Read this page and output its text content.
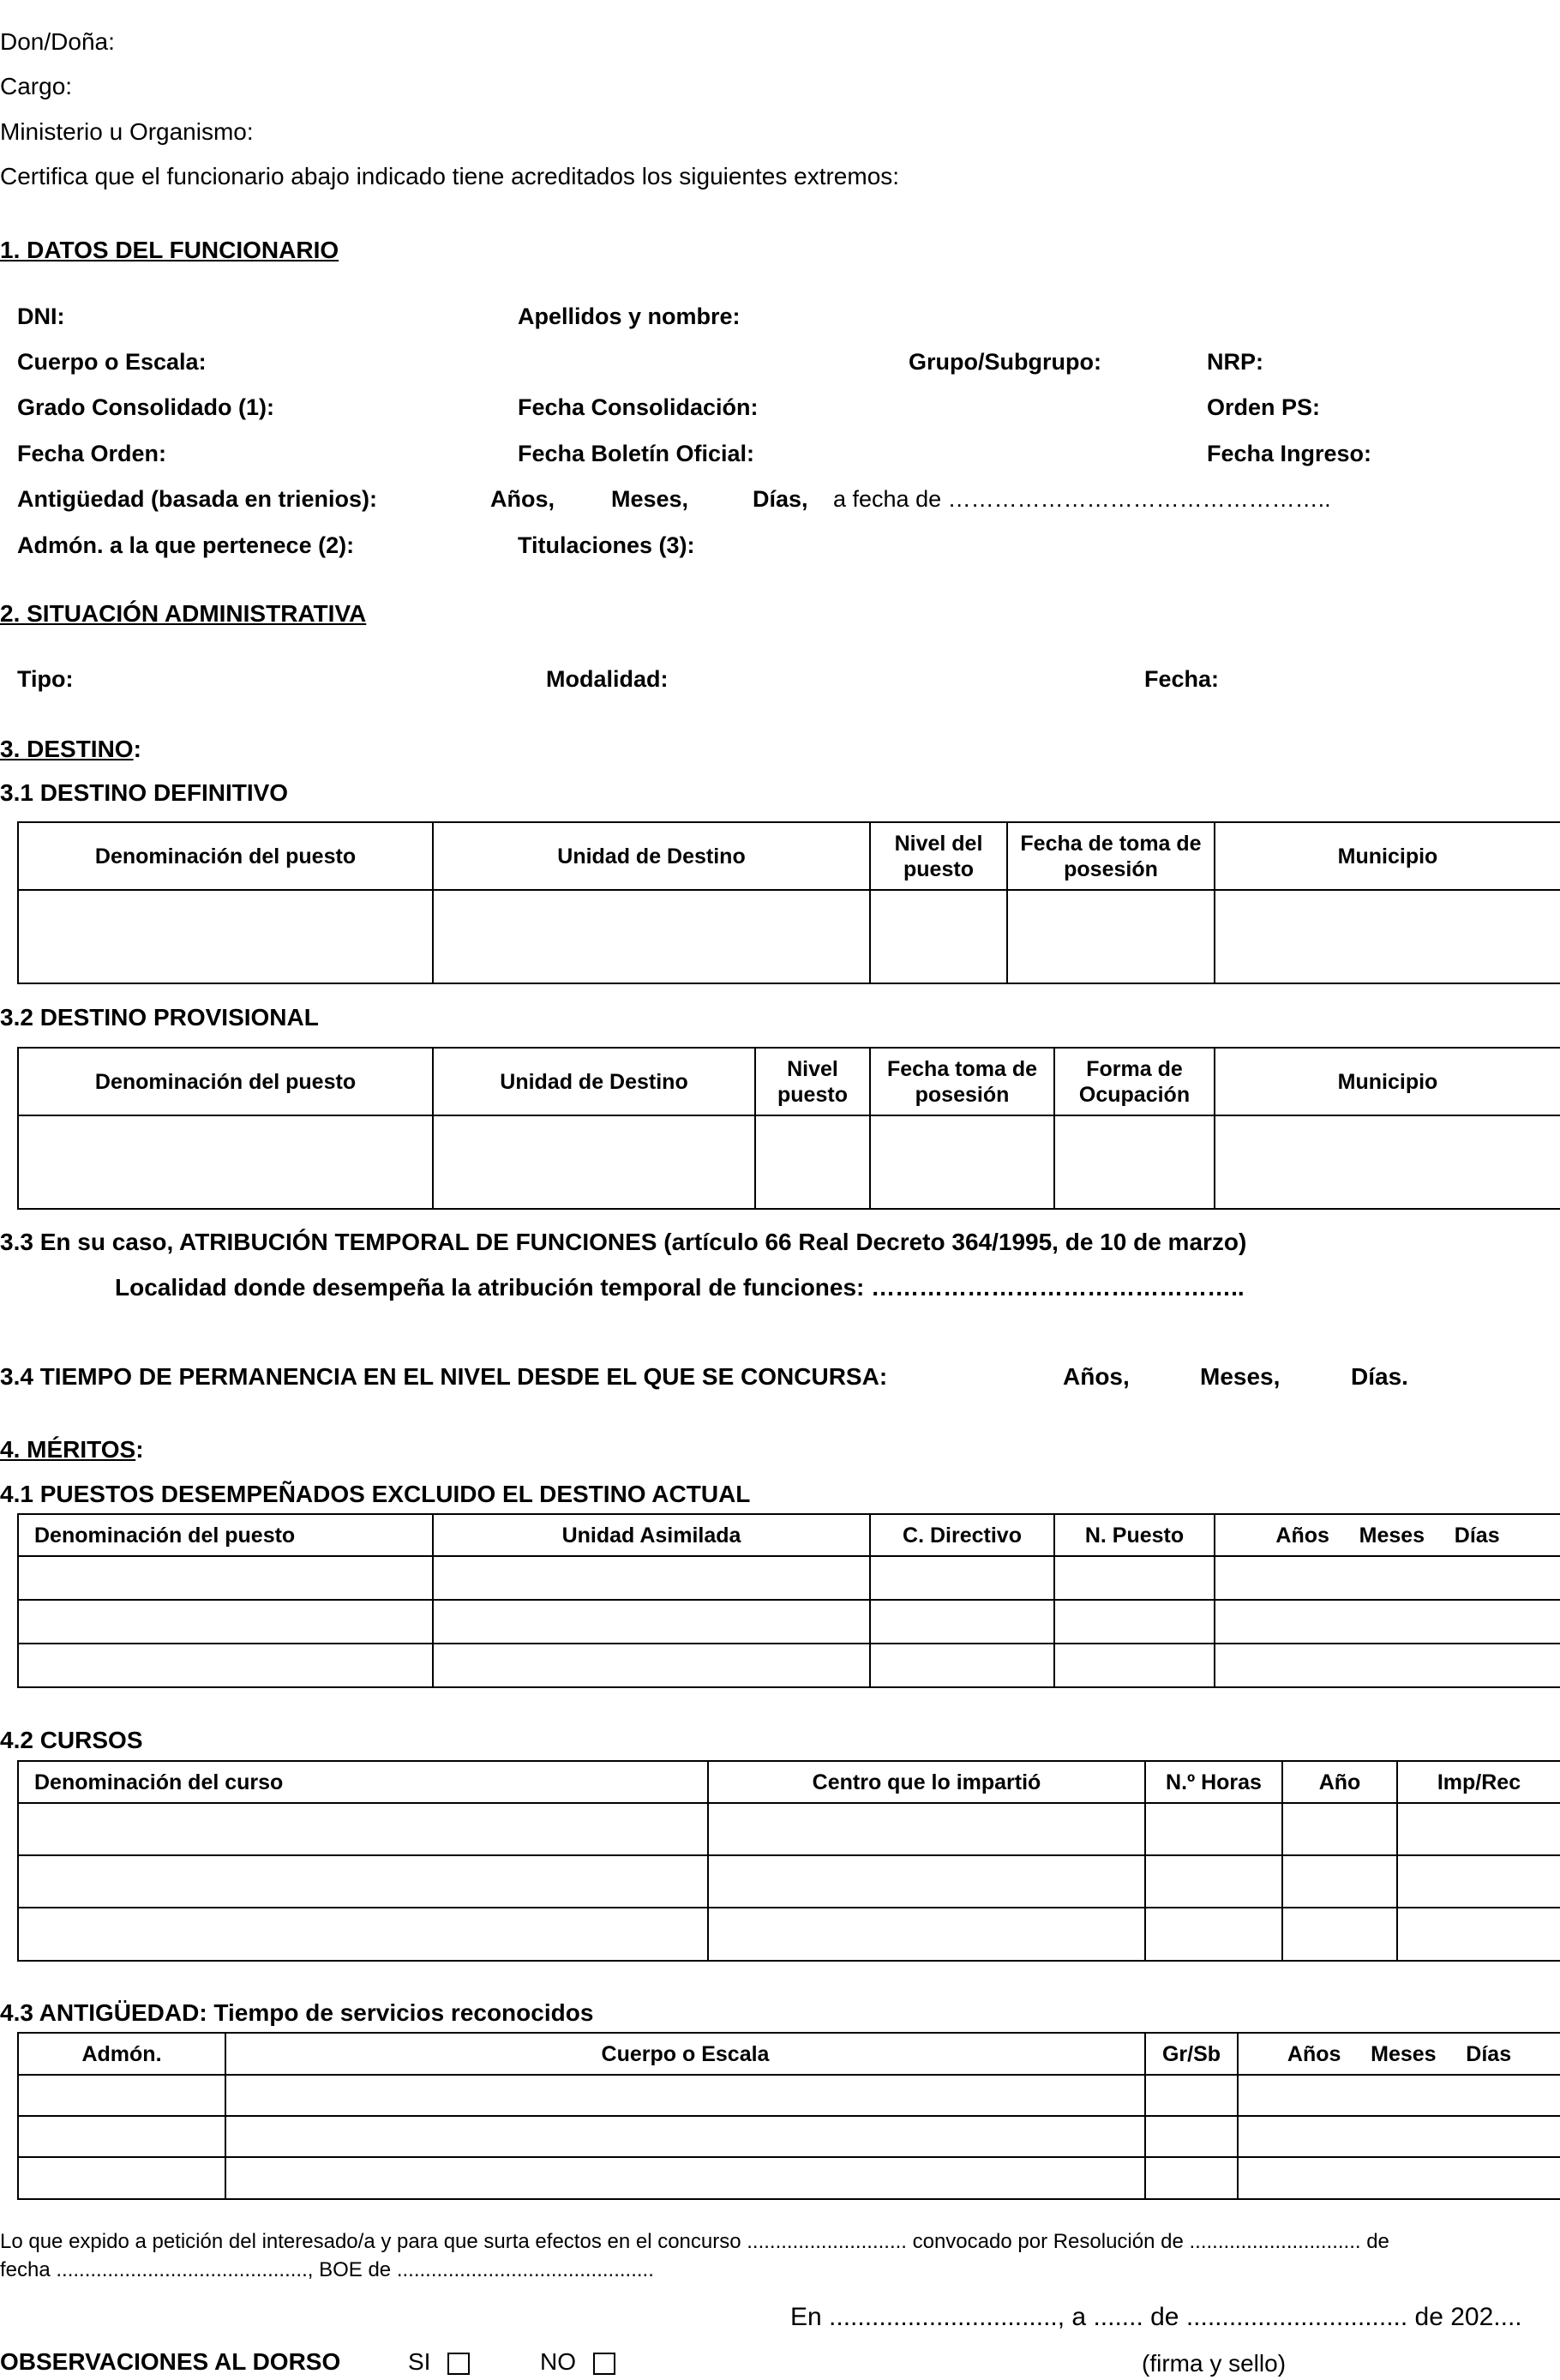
Don/Doña:
Cargo:
Ministerio u Organismo:
Certifica que el funcionario abajo indicado tiene acreditados los siguientes extremos:
1. DATOS DEL FUNCIONARIO
DNI:	Apellidos y nombre:
Cuerpo o Escala:	Grupo/Subgrupo:	NRP:
Grado Consolidado (1):	Fecha Consolidación:	Orden PS:
Fecha Orden:	Fecha Boletín Oficial:	Fecha Ingreso:
Antigüedad (basada en trienios):	Años, Meses,	Días, a fecha de …………………………………………..
Admón. a la que pertenece (2):	Titulaciones (3):
2. SITUACIÓN ADMINISTRATIVA
Tipo:	Modalidad:	Fecha:
3. DESTINO:
3.1 DESTINO DEFINITIVO
Denominación del puesto	Unidad de Destino	Nivel del puesto	Fecha de toma de posesión	Municipio

3.2 DESTINO PROVISIONAL
Denominación del puesto	Unidad de Destino	Nivel puesto	Fecha toma de posesión	Forma de Ocupación	Municipio

3.3 En su caso, ATRIBUCIÓN TEMPORAL DE FUNCIONES (artículo 66 Real Decreto 364/1995, de 10 de marzo)
Localidad donde desempeña la atribución temporal de funciones: ………………………………………..
3.4 TIEMPO DE PERMANENCIA EN EL NIVEL DESDE EL QUE SE CONCURSA:	Años,	Meses,	Días.
4. MÉRITOS:
4.1 PUESTOS DESEMPEÑADOS EXCLUIDO EL DESTINO ACTUAL
Denominación del puesto	Unidad Asimilada	C. Directivo	N. Puesto	Años     Meses     Días

4.2 CURSOS
Denominación del curso	Centro que lo impartió	N.º Horas	Año	Imp/Rec

4.3 ANTIGÜEDAD: Tiempo de servicios reconocidos
Admón.	Cuerpo o Escala	Gr/Sb	Años     Meses     Días

Lo que expido a petición del interesado/a y para que surta efectos en el concurso ............................ convocado por Resolución de .............................. de
fecha ............................................, BOE de .............................................
En ................................, a ....... de ............................... de 202....
OBSERVACIONES AL DORSO	SI	NO	(firma y sello)
